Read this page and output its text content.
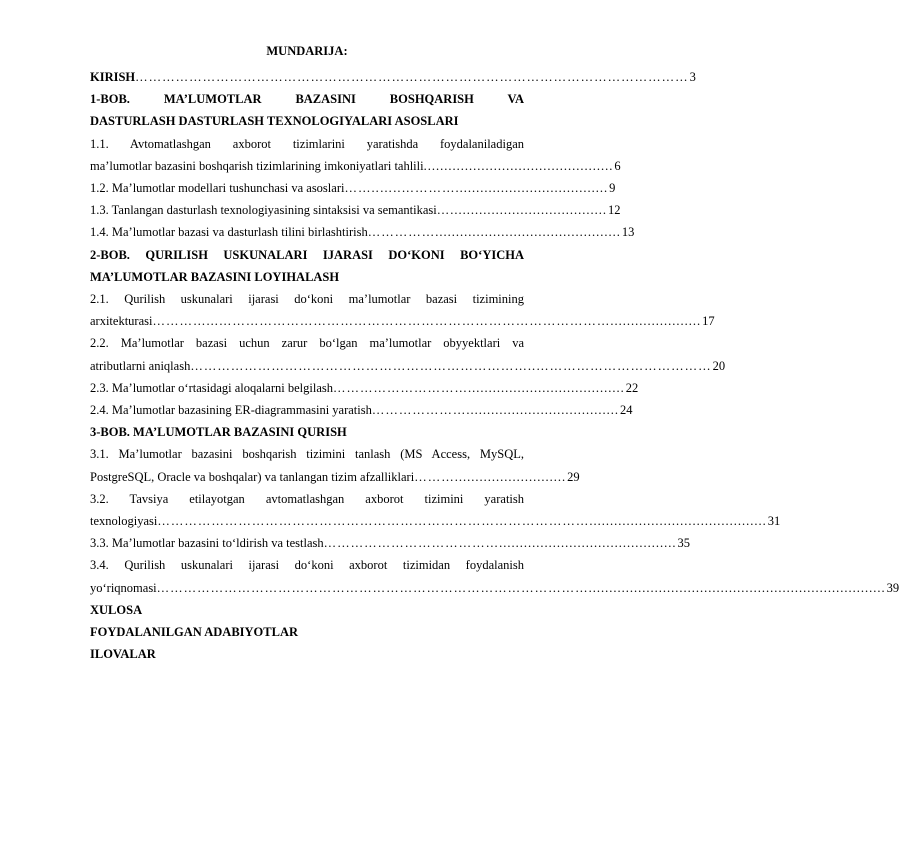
MUNDARIJA:
KIRISH …………………………………………………………………………………………………………… 3
1-BOB. MA’LUMOTLAR BAZASINI BOSHQARISH VA
DASTURLASH DASTURLASH TEXNOLOGIYALARI ASOSLARI
1.1. Avtomatlashgan axborot tizimlarini yaratishda foydalaniladigan
ma’lumotlar bazasini boshqarish tizimlarining imkoniyatlari tahlili .............................................. 6
1.2. Ma’lumotlar modellari tushunchasi va asoslari ……..…..…………..................................... 9
1.3. Tanlangan dasturlash texnologiyasining sintaksisi va semantikasi …...................................... 12
1.4. Ma’lumotlar bazasi va dasturlash tilini birlashtirish ……………............................................. 13
2-BOB. QURILISH USKUNALARI IJARASI DO‘KONI BO‘YICHA
MA’LUMOTLAR BAZASINI LOYIHALASH
2.1. Qurilish uskunalari ijarasi do‘koni ma’lumotlar bazasi tizimining
arxitekturasi …………...……………………………………………………………………………...................... 17
2.2. Ma’lumotlar bazasi uchun zarur bo‘lgan ma’lumotlar obyyektlari va
atributlarni aniqlash …………………………………………………………………..………………………………… 20
2.3. Ma’lumotlar o‘rtasidagi aloqalarni belgilash …………………………...................................... 22
2.4. Ma’lumotlar bazasining ER-diagrammasini yaratish …………………..................................... 24
3-BOB. MA’LUMOTLAR BAZASINI QURISH
3.1. Ma’lumotlar bazasini boshqarish tizimini tanlash (MS Access, MySQL,
PostgreSQL, Oracle va boshqalar) va tanlangan tizim afzalliklari ………........................... 29
3.2. Tavsiya etilayotgan avtomatlashgan axborot tizimini yaratish
texnologiyasi ……………………………………………………………………………………........................................... 31
3.3. Ma’lumotlar bazasini to‘ldirish va testlash …………………………………........................................... 35
3.4. Qurilish uskunalari ijarasi do‘koni axborot tizimidan foydalanish
yo‘riqnomasi ……………………………………………………………………………………........................................................................ 39
XULOSA
FOYDALANILGAN ADABIYOTLAR
ILOVALAR
